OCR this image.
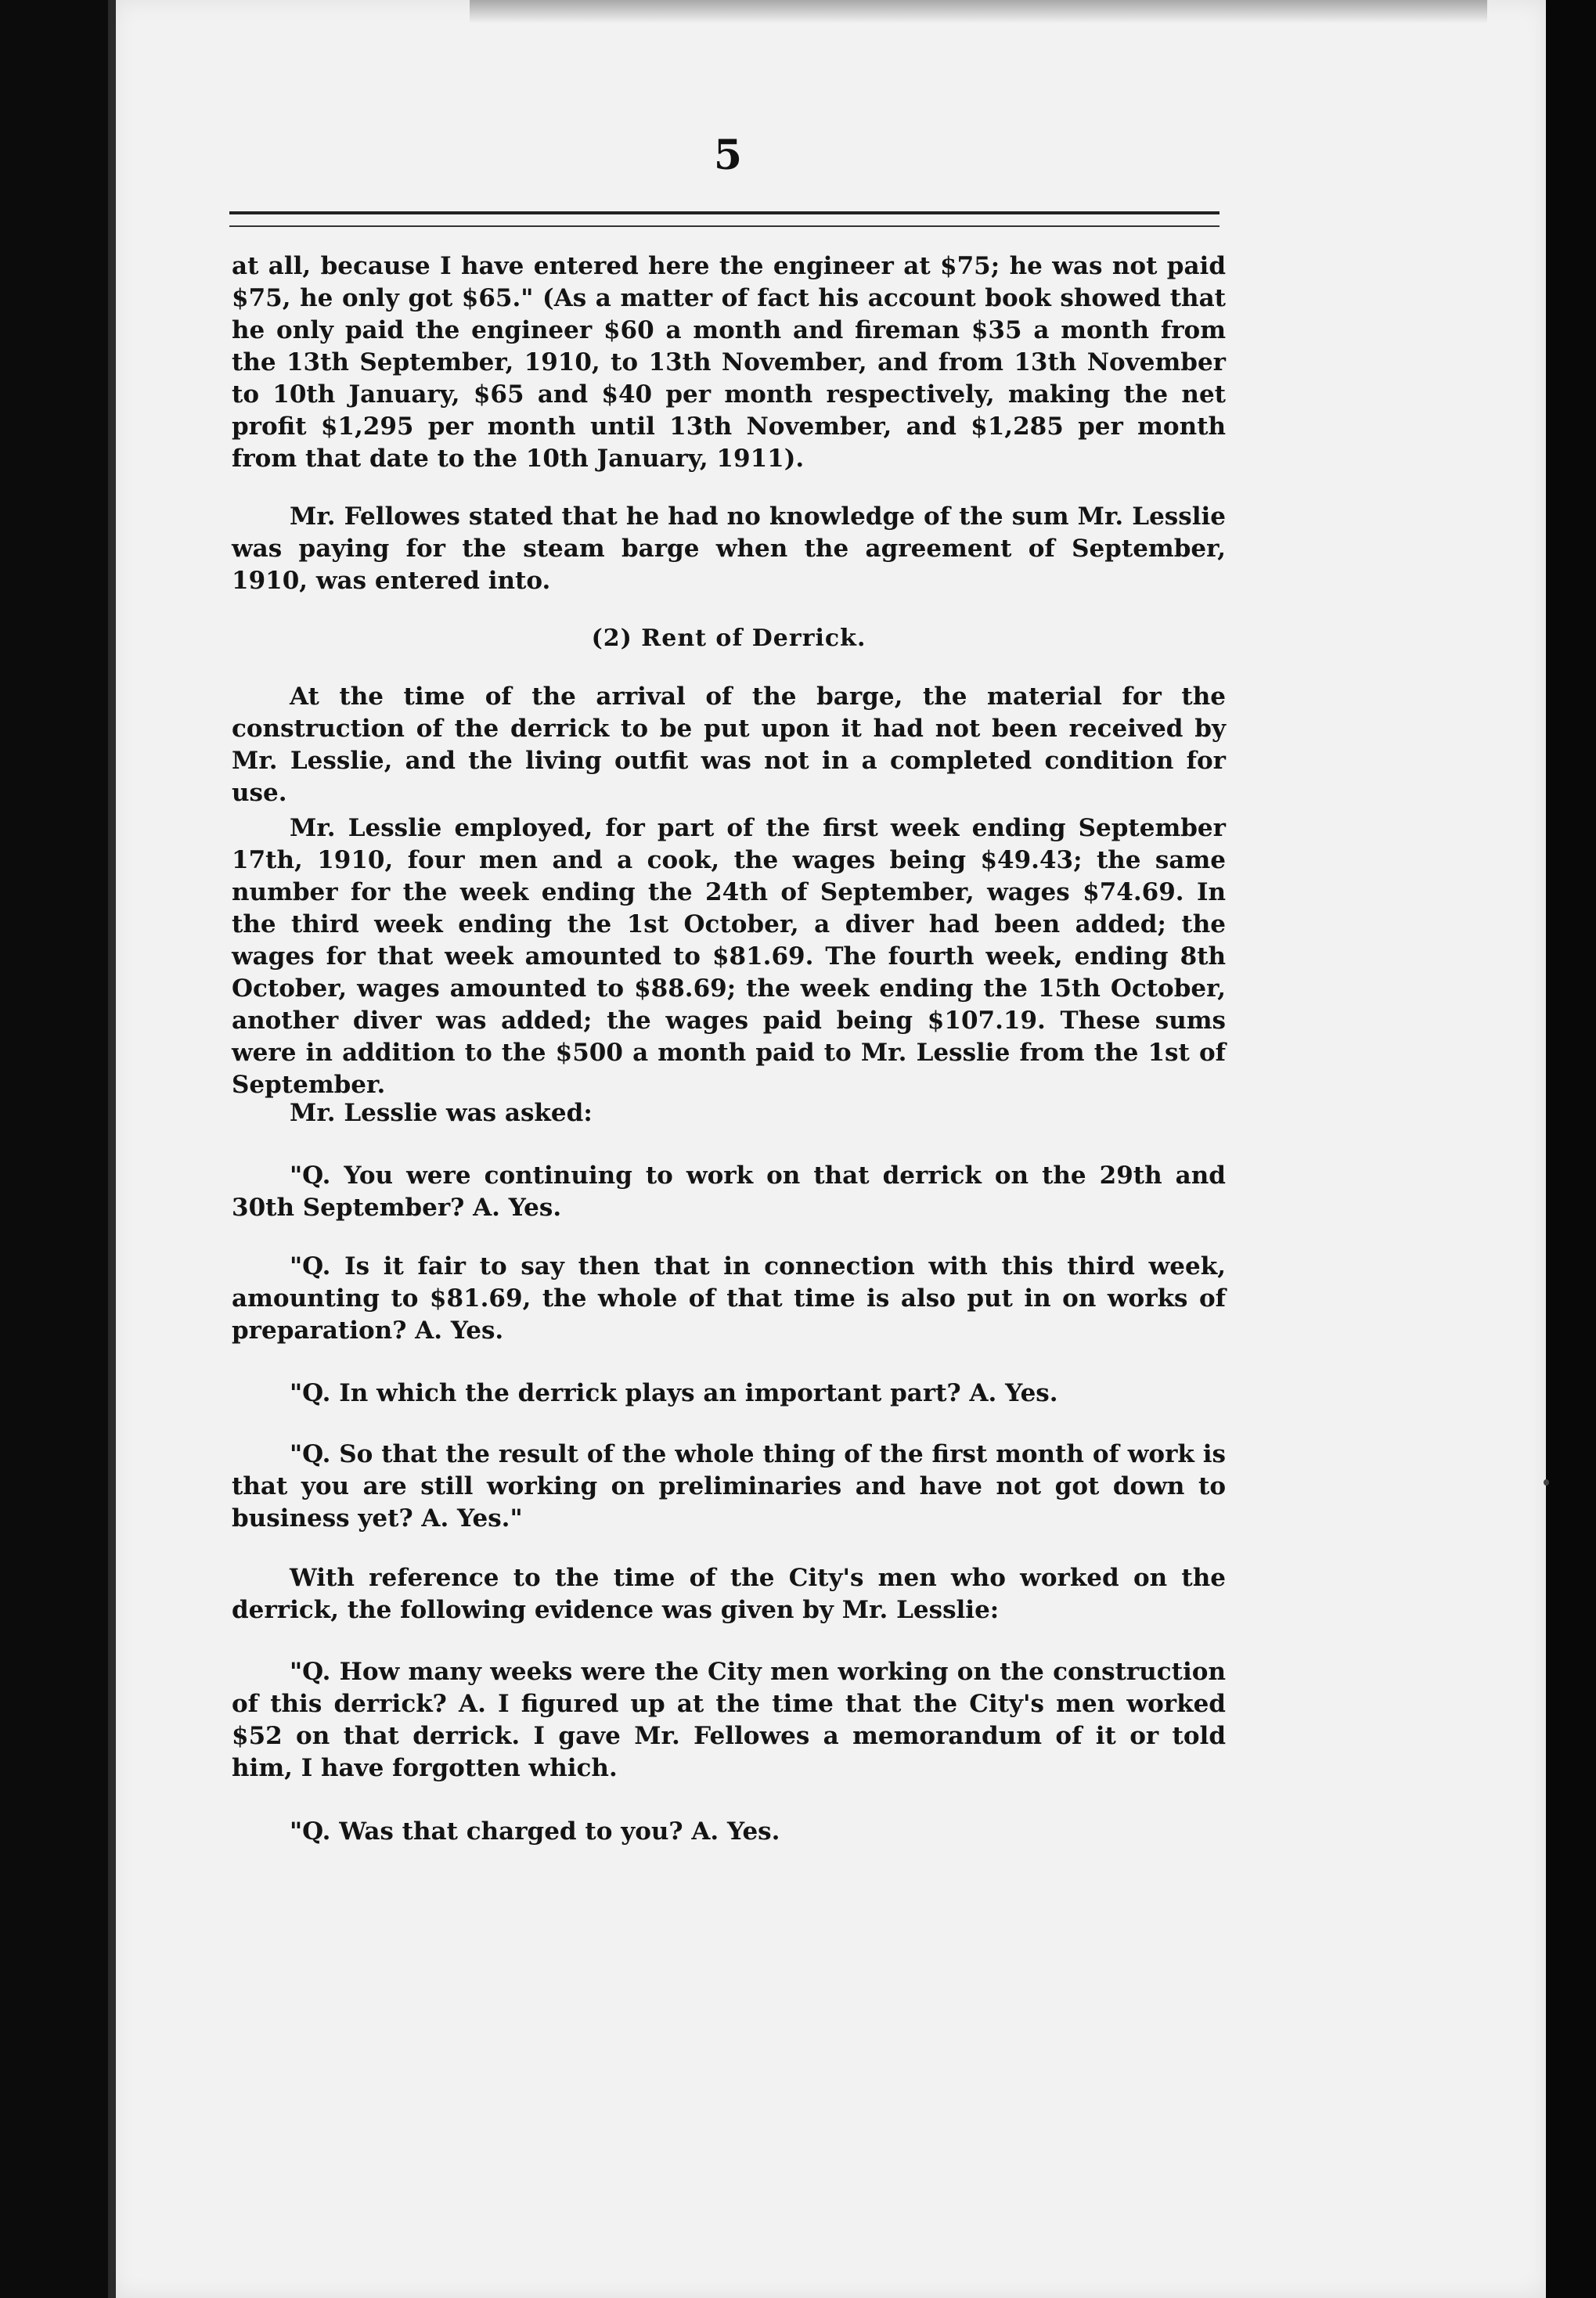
5

at all, because I have entered here the engineer at $75; he was not paid $75, he only got $65." (As a matter of fact his account book showed that he only paid the engineer $60 a month and fireman $35 a month from the 13th September, 1910, to 13th November, and from 13th November to 10th January, $65 and $40 per month respectively, making the net profit $1,295 per month until 13th November, and $1,285 per month from that date to the 10th January, 1911).

Mr. Fellowes stated that he had no knowledge of the sum Mr. Lesslie was paying for the steam barge when the agreement of September, 1910, was entered into.

(2) Rent of Derrick.

At the time of the arrival of the barge, the material for the construction of the derrick to be put upon it had not been received by Mr. Lesslie, and the living outfit was not in a completed condition for use.

Mr. Lesslie employed, for part of the first week ending September 17th, 1910, four men and a cook, the wages being $49.43; the same number for the week ending the 24th of September, wages $74.69. In the third week ending the 1st October, a diver had been added; the wages for that week amounted to $81.69. The fourth week, ending 8th October, wages amounted to $88.69; the week ending the 15th October, another diver was added; the wages paid being $107.19. These sums were in addition to the $500 a month paid to Mr. Lesslie from the 1st of September.

Mr. Lesslie was asked:

"Q. You were continuing to work on that derrick on the 29th and 30th September? A. Yes.

"Q. Is it fair to say then that in connection with this third week, amounting to $81.69, the whole of that time is also put in on works of preparation? A. Yes.

"Q. In which the derrick plays an important part? A. Yes.

"Q. So that the result of the whole thing of the first month of work is that you are still working on preliminaries and have not got down to business yet? A. Yes."

With reference to the time of the City's men who worked on the derrick, the following evidence was given by Mr. Lesslie:

"Q. How many weeks were the City men working on the construction of this derrick? A. I figured up at the time that the City's men worked $52 on that derrick. I gave Mr. Fellowes a memorandum of it or told him, I have forgotten which.

"Q. Was that charged to you? A. Yes.
